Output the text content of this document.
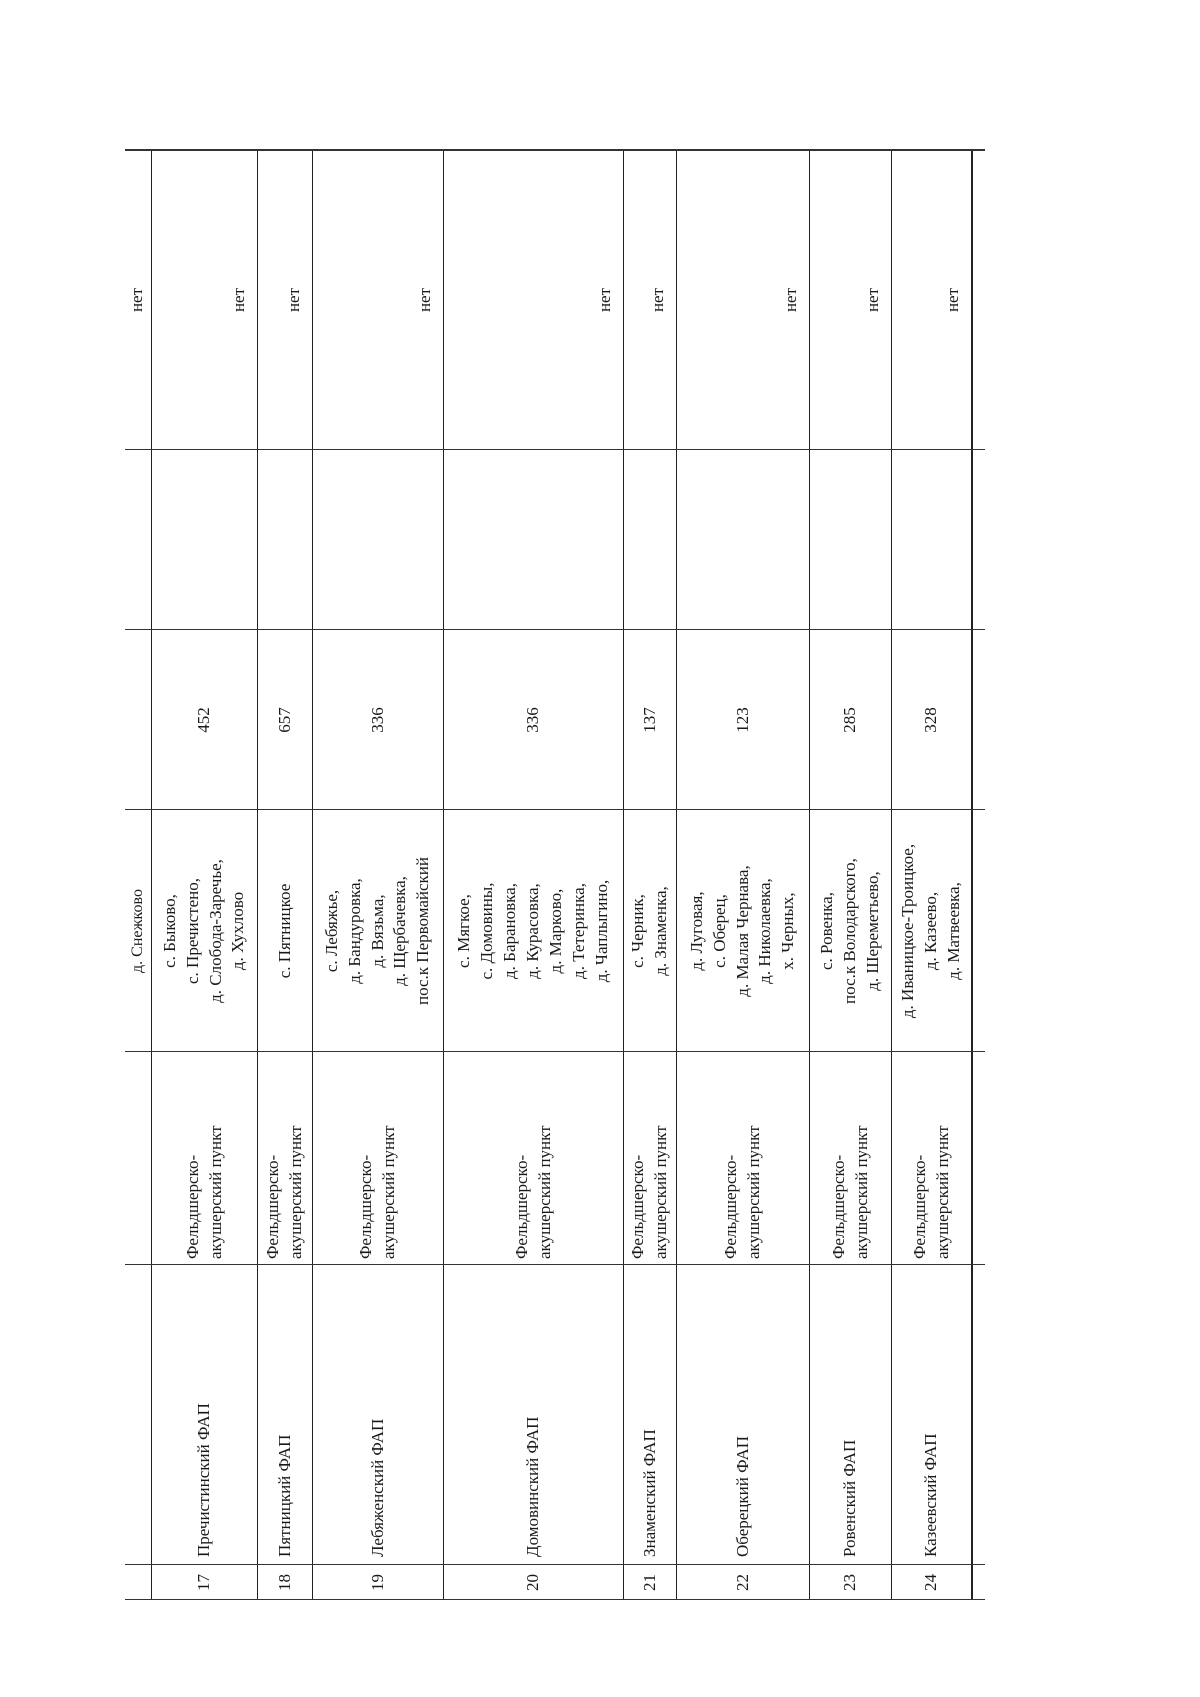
д. Снежково
нет
17
Пречистинский ФАП
Фельдшерско- акушерский пункт
с. Быково, с. Пречистено, д. Слобода-Заречье, д. Хухлово
452
нет
18
Пятницкий ФАП
Фельдшерско- акушерский пункт
с. Пятницкое
657
нет
19
Лебяженский ФАП
Фельдшерско- акушерский пункт
с. Лебяжье, д. Бандуровка, д. Вязьма, д. Щербачевка, пос.к Первомайский
336
нет
20
Домовинский ФАП
Фельдшерско- акушерский пункт
с. Мягкое, с. Домовины, д. Барановка, д. Курасовка, д. Марково, д. Тетеринка, д. Чаплыгино,
336
нет
21
Знаменский ФАП
Фельдшерско- акушерский пункт
с. Черник, д. Знаменка,
137
нет
22
Оберецкий ФАП
Фельдшерско- акушерский пункт
д. Луговая, с. Оберец, д. Малая Чернава, д. Николаевка, х. Черных,
123
нет
23
Ровенский ФАП
Фельдшерско- акушерский пункт
с. Ровенка, пос.к Володарского, д. Шереметьево,
285
нет
24
Казеевский ФАП
Фельдшерско- акушерский пункт
д. Иваницкое-Троицкое, д. Казеево, д. Матвеевка,
328
нет
